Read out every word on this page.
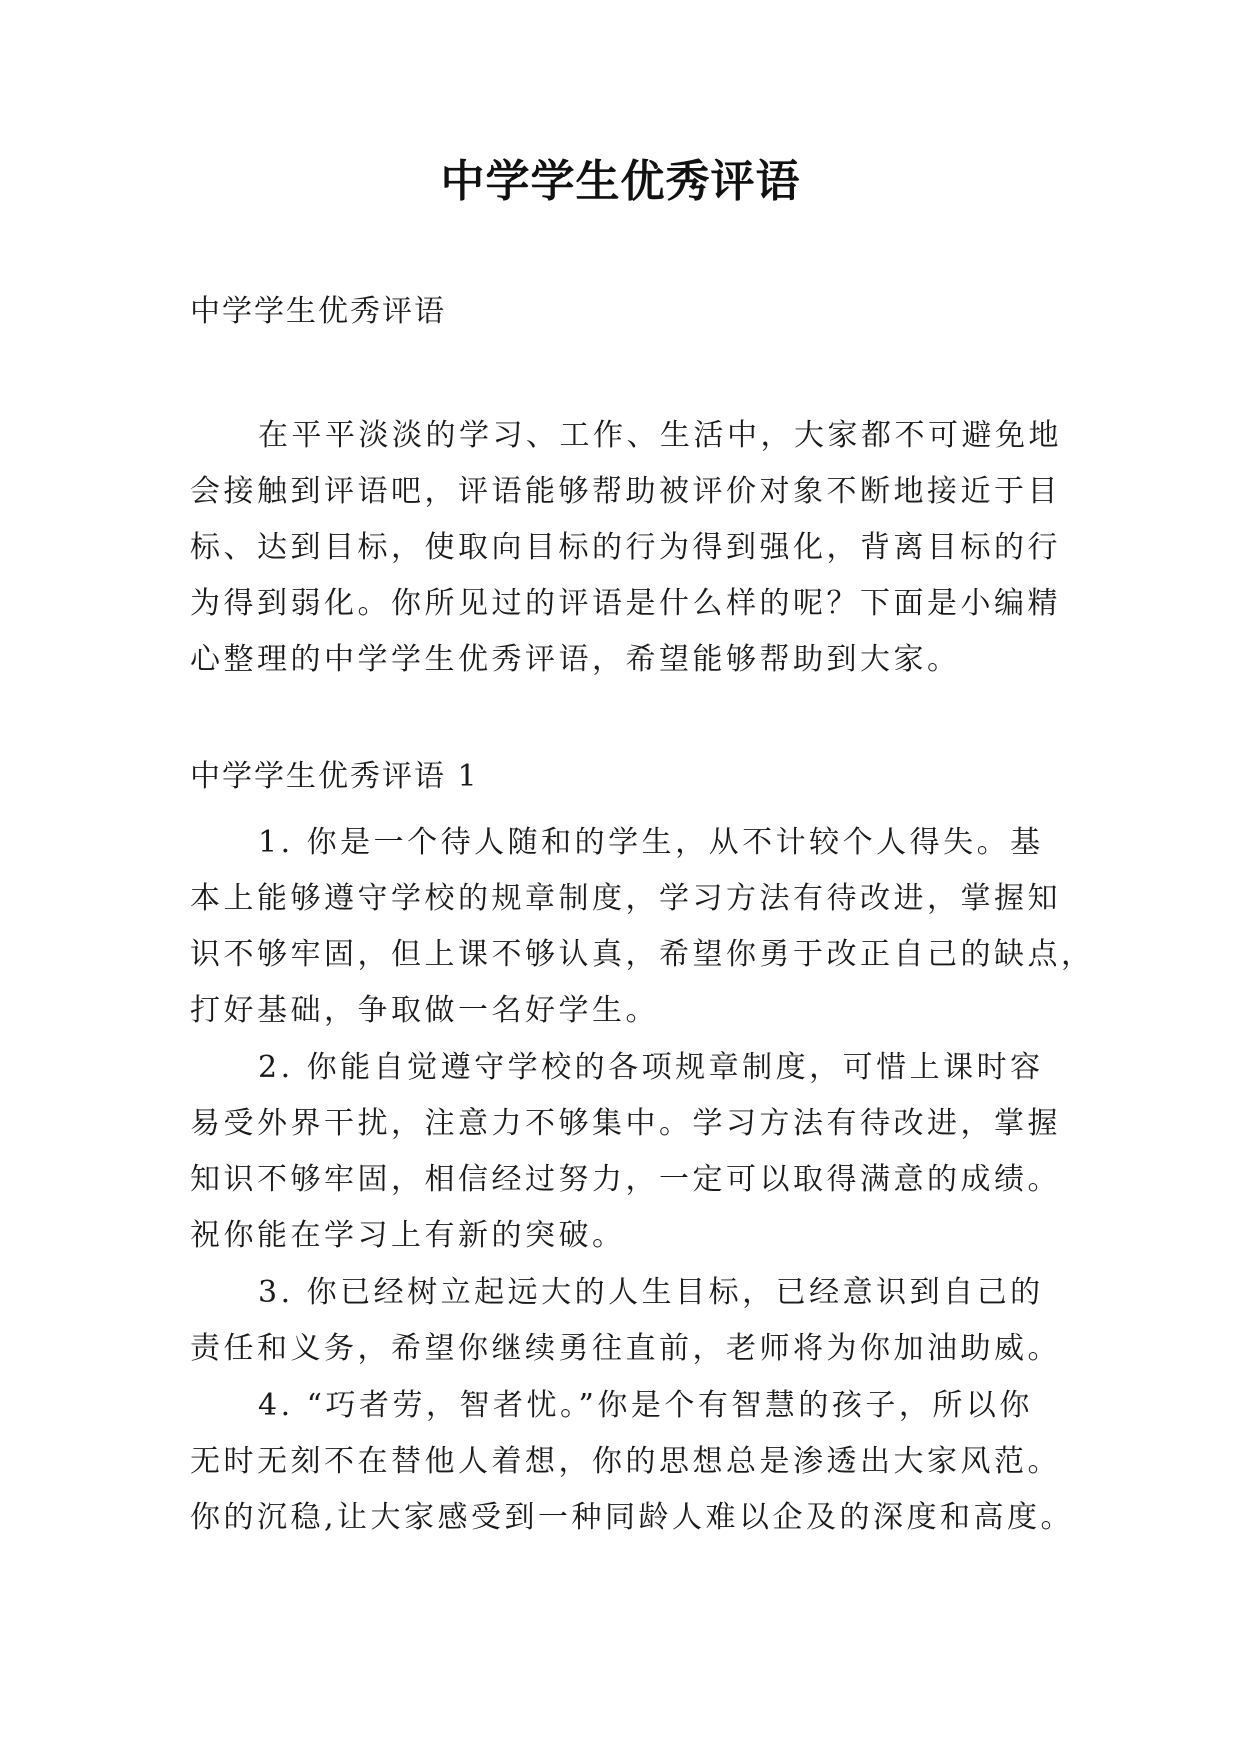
中学学生优秀评语

中学学生优秀评语

在平平淡淡的学习、工作、生活中，大家都不可避免地
会接触到评语吧，评语能够帮助被评价对象不断地接近于目
标、达到目标，使取向目标的行为得到强化，背离目标的行
为得到弱化。你所见过的评语是什么样的呢？下面是小编精
心整理的中学学生优秀评语，希望能够帮助到大家。

中学学生优秀评语 1

1. 你是一个待人随和的学生，从不计较个人得失。基
本上能够遵守学校的规章制度，学习方法有待改进，掌握知
识不够牢固，但上课不够认真，希望你勇于改正自己的缺点，
打好基础，争取做一名好学生。
2. 你能自觉遵守学校的各项规章制度，可惜上课时容
易受外界干扰，注意力不够集中。学习方法有待改进，掌握
知识不够牢固，相信经过努力，一定可以取得满意的成绩。
祝你能在学习上有新的突破。
3. 你已经树立起远大的人生目标，已经意识到自己的
责任和义务，希望你继续勇往直前，老师将为你加油助威。
4. “巧者劳，智者忧。”你是个有智慧的孩子，所以你
无时无刻不在替他人着想，你的思想总是渗透出大家风范。
你的沉稳,让大家感受到一种同龄人难以企及的深度和高度。
